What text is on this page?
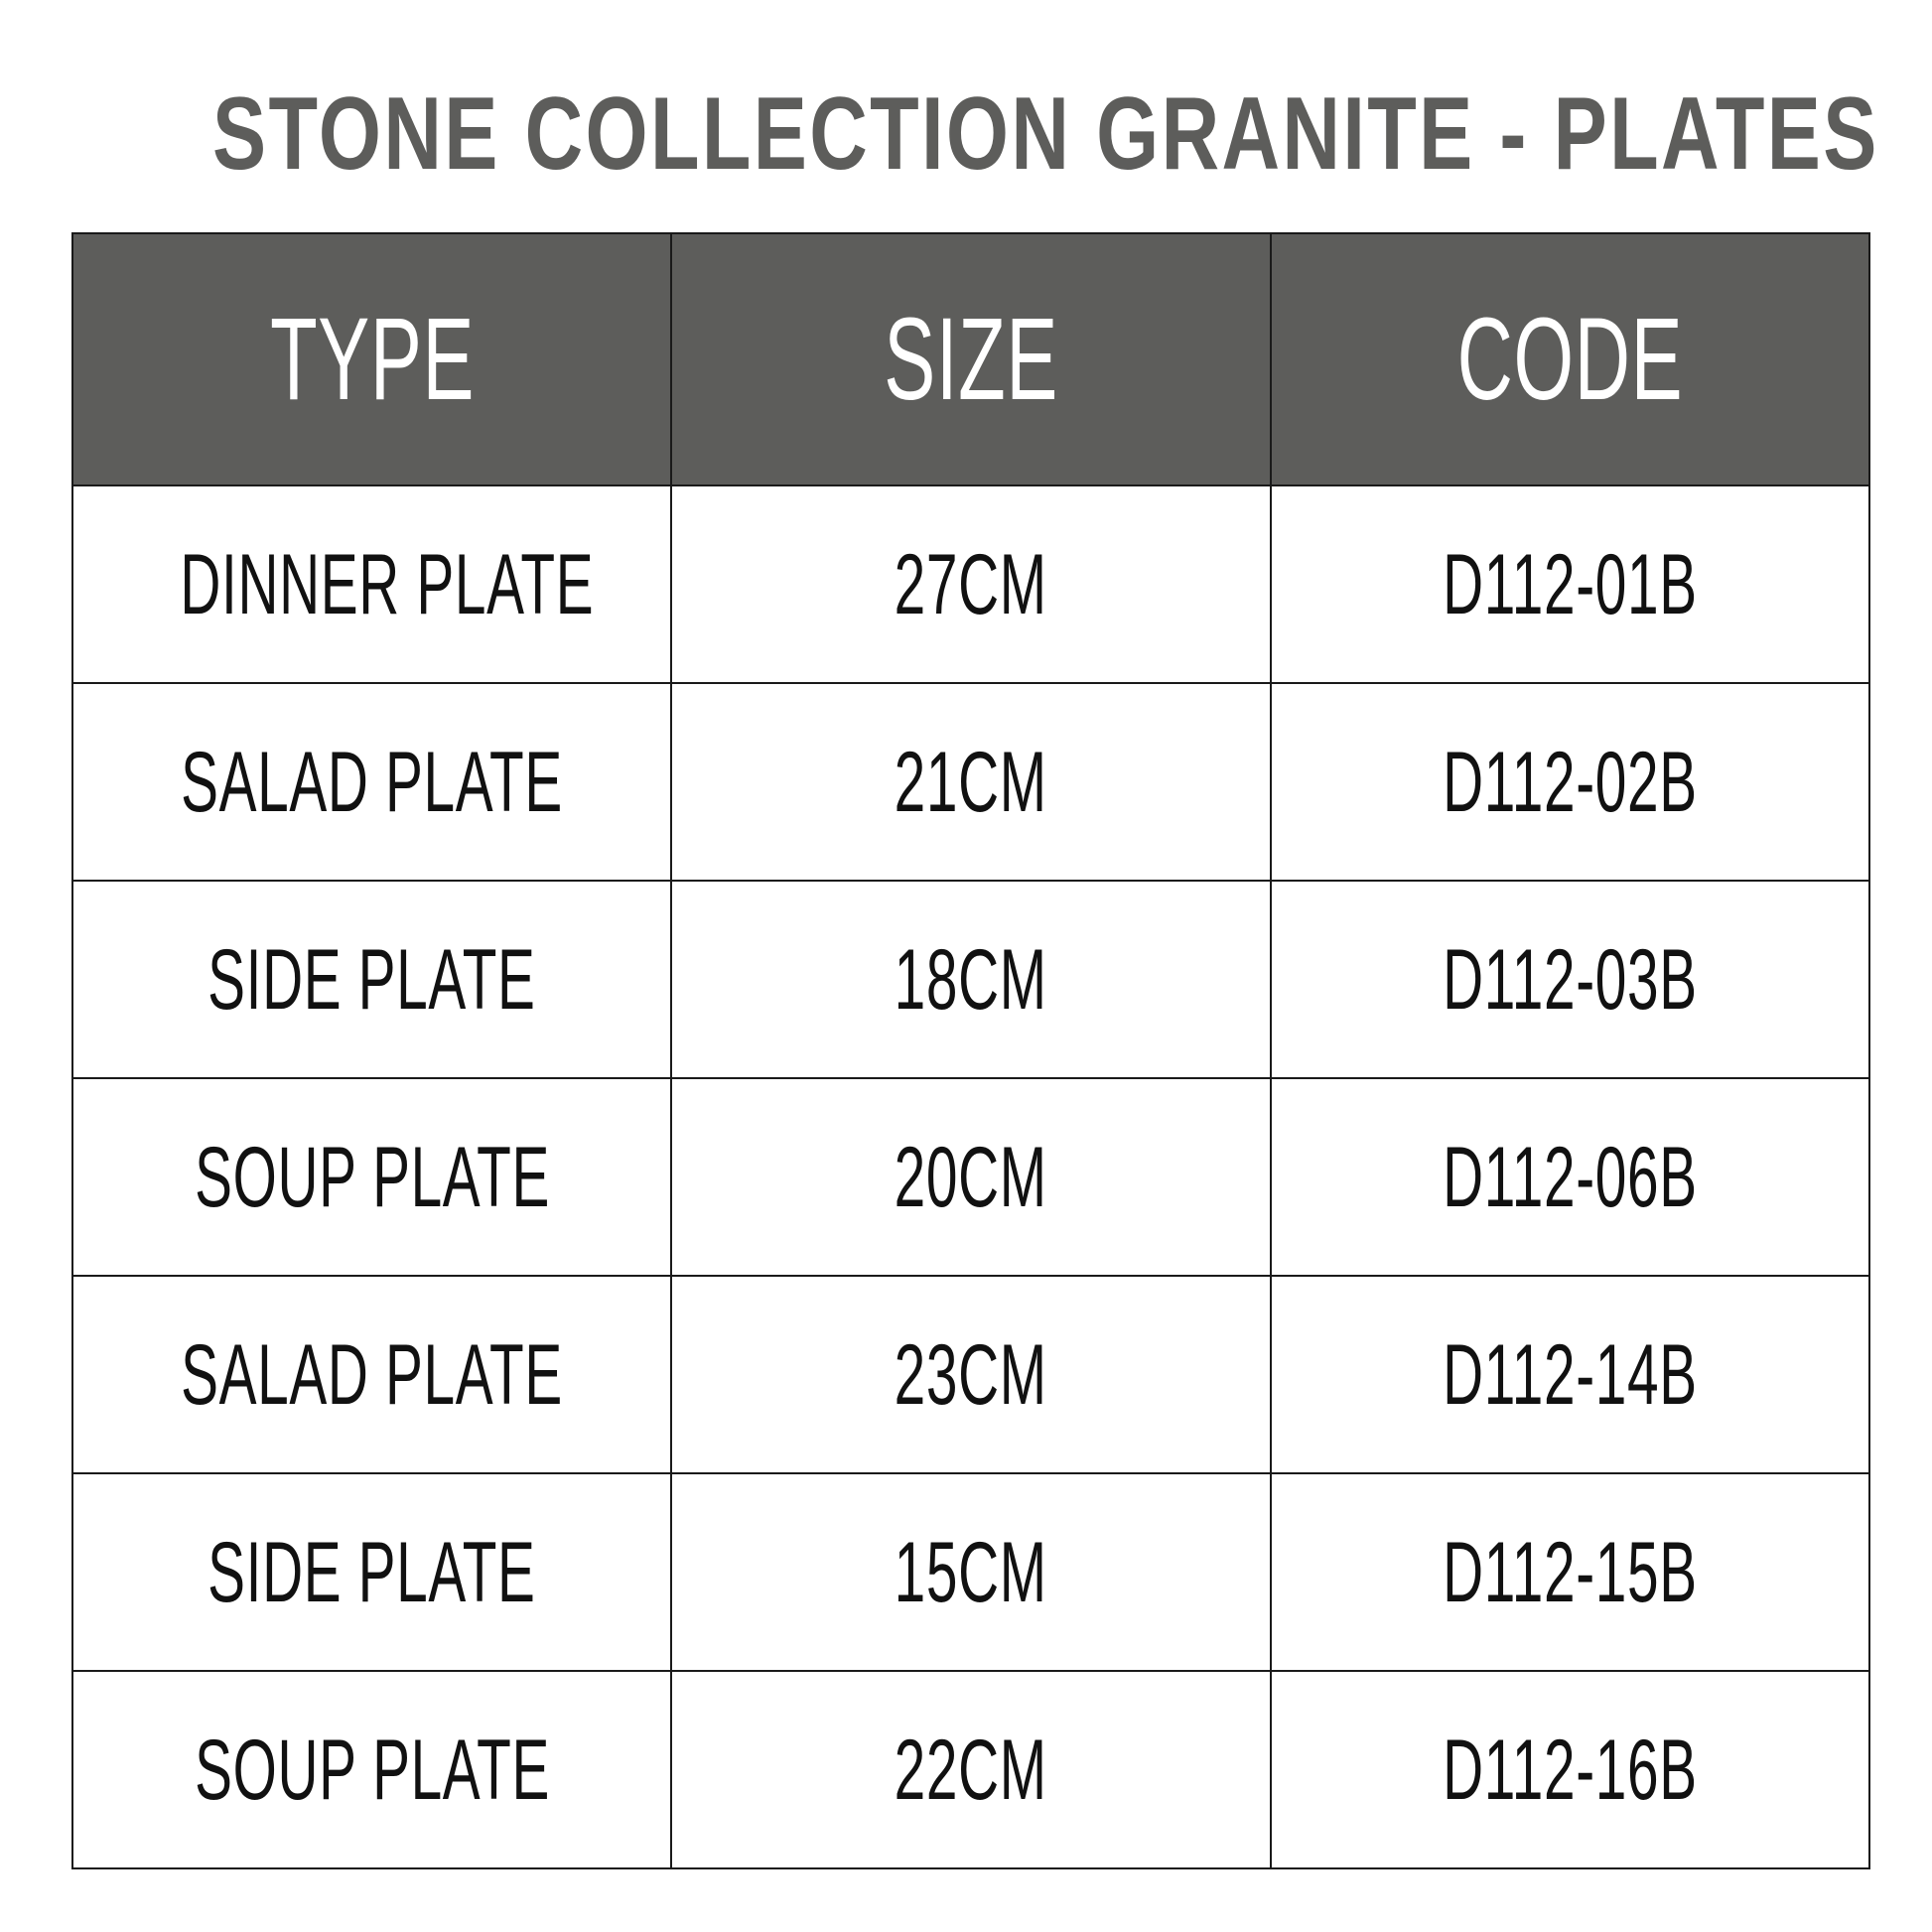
STONE COLLECTION GRANITE - PLATES
TYPE	SIZE	CODE
DINNER PLATE	27CM	D112-01B
SALAD PLATE	21CM	D112-02B
SIDE PLATE	18CM	D112-03B
SOUP PLATE	20CM	D112-06B
SALAD PLATE	23CM	D112-14B
SIDE PLATE	15CM	D112-15B
SOUP PLATE	22CM	D112-16B
